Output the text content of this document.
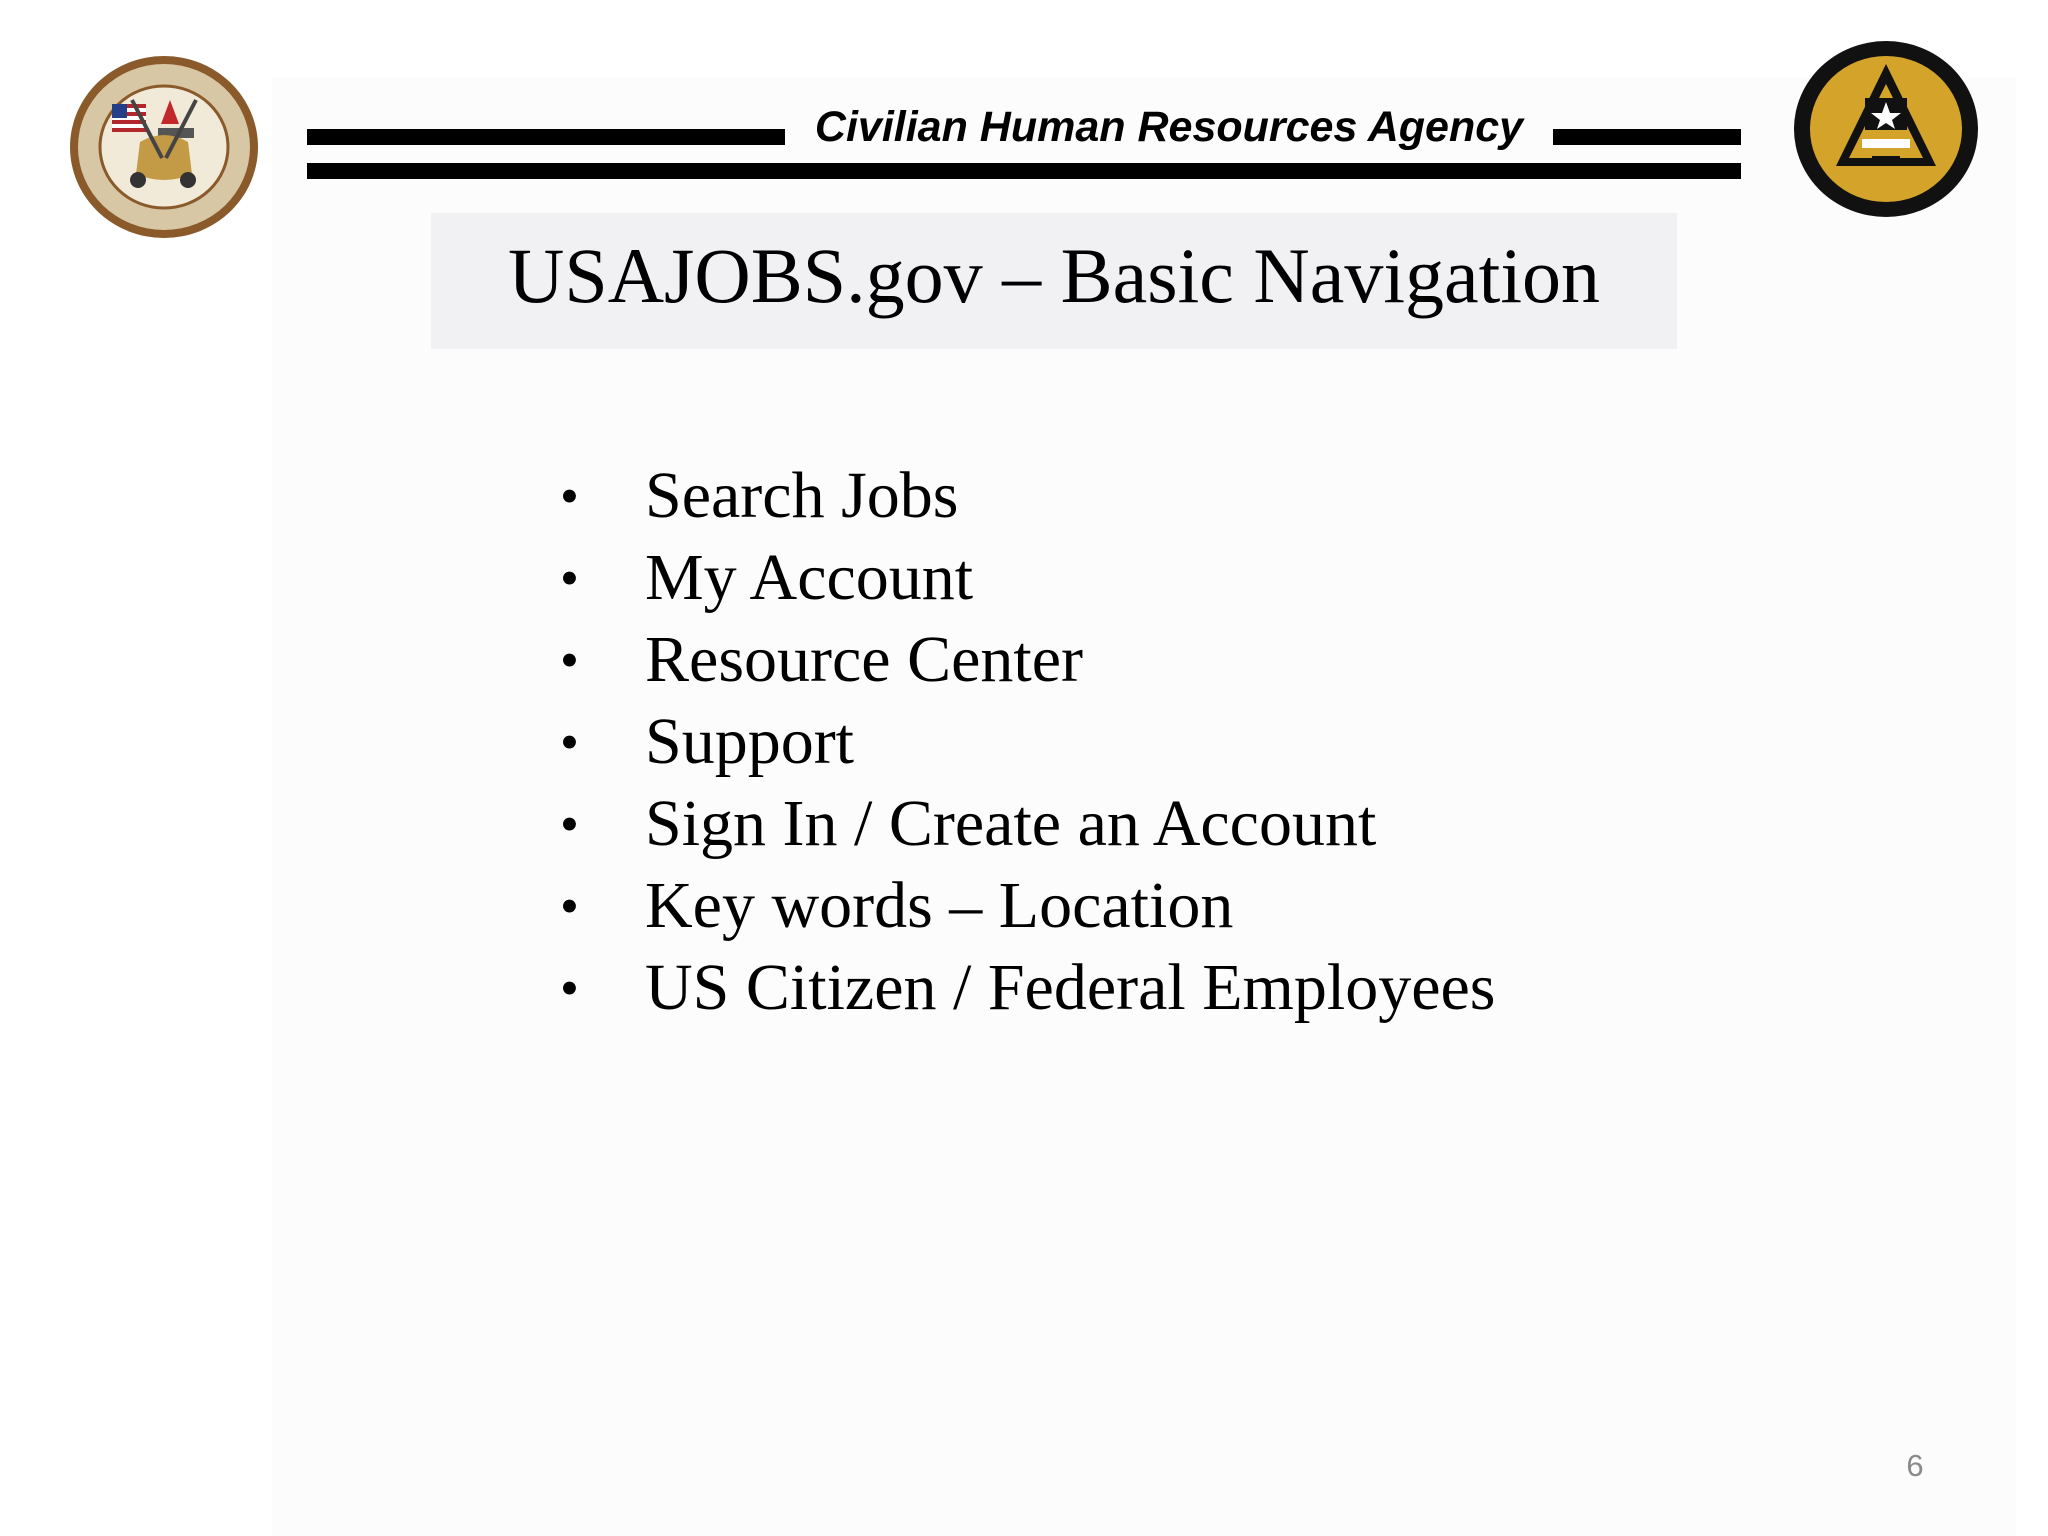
Civilian Human Resources Agency
USAJOBS.gov – Basic Navigation
• Search Jobs
• My Account
• Resource Center
• Support
• Sign In / Create an Account
• Key words – Location
• US Citizen / Federal Employees
6
